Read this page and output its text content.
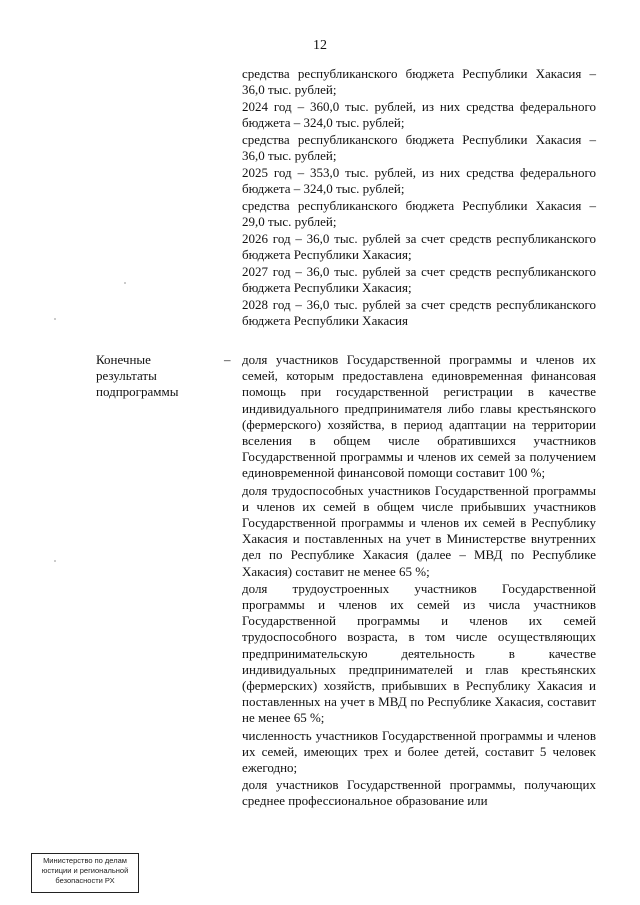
12

средства республиканского бюджета Республики Хакасия – 36,0 тыс. рублей;

2024 год – 360,0 тыс. рублей, из них средства федерального бюджета – 324,0 тыс. рублей;

средства республиканского бюджета Республики Хакасия – 36,0 тыс. рублей;

2025 год – 353,0 тыс. рублей, из них средства федерального бюджета – 324,0 тыс. рублей;

средства республиканского бюджета Республики Хакасия – 29,0 тыс. рублей;

2026 год – 36,0 тыс. рублей за счет средств республиканского бюджета Республики Хакасия;

2027 год – 36,0 тыс. рублей за счет средств республиканского бюджета Республики Хакасия;

2028 год – 36,0 тыс. рублей за счет средств республиканского бюджета Республики Хакасия

Конечные
результаты
подпрограммы
– доля участников Государственной программы и членов их семей, которым предоставлена единовременная финансовая помощь при государственной регистрации в качестве индивидуального предпринимателя либо главы крестьянского (фермерского) хозяйства, в период адаптации на территории вселения в общем числе обратившихся участников Государственной программы и членов их семей за получением единовременной финансовой помощи составит 100 %;

доля трудоспособных участников Государственной программы и членов их семей в общем числе прибывших участников Государственной программы и членов их семей в Республику Хакасия и поставленных на учет в Министерстве внутренних дел по Республике Хакасия (далее – МВД по Республике Хакасия) составит не менее 65 %;

доля трудоустроенных участников Государственной программы и членов их семей из числа участников Государственной программы и членов их семей трудоспособного возраста, в том числе осуществляющих предпринимательскую деятельность в качестве индивидуальных предпринимателей и глав крестьянских (фермерских) хозяйств, прибывших в Республику Хакасия и поставленных на учет в МВД по Республике Хакасия, составит не менее 65 %;

численность участников Государственной программы и членов их семей, имеющих трех и более детей, составит 5 человек ежегодно;

доля участников Государственной программы, получающих среднее профессиональное образование или

Министерство по делам
юстиции и региональной
безопасности РХ
